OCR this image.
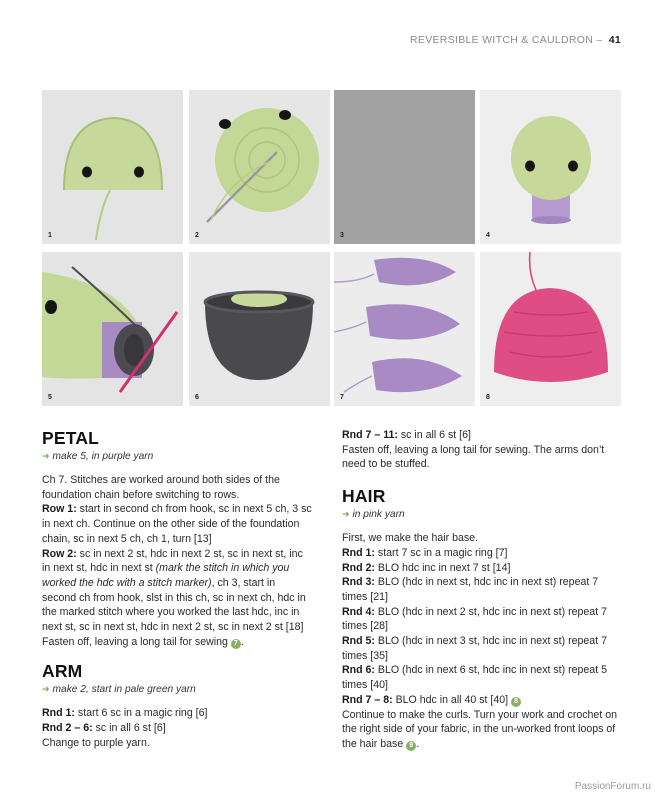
REVERSIBLE WITCH & CAULDRON – 41
1	2	3	4
5	6	7	8
PETAL
➜ make 5, in purple yarn

Ch 7. Stitches are worked around both sides of the foundation chain before switching to rows.

Row 1: start in second ch from hook, sc in next 5 ch, 3 sc in next ch. Continue on the other side of the foundation chain, sc in next 5 ch, ch 1, turn [13]

Row 2: sc in next 2 st, hdc in next 2 st, sc in next st, inc in next st, hdc in next st (mark the stitch in which you worked the hdc with a stitch marker), ch 3, start in second ch from hook, slst in this ch, sc in next ch, hdc in the marked stitch where you worked the last hdc, inc in next st, sc in next st, hdc in next 2 st, sc in next 2 st [18]

Fasten off, leaving a long tail for sewing 7 .

ARM
➜ make 2, start in pale green yarn

Rnd 1: start 6 sc in a magic ring [6]

Rnd 2 – 6: sc in all 6 st [6]

Change to purple yarn.

Rnd 7 – 11: sc in all 6 st [6]

Fasten off, leaving a long tail for sewing. The arms don’t need to be stuffed.

HAIR
➜ in pink yarn

First, we make the hair base.

Rnd 1: start 7 sc in a magic ring [7]

Rnd 2: BLO hdc inc in next 7 st [14]

Rnd 3: BLO (hdc in next st, hdc inc in next st) repeat 7 times [21]

Rnd 4: BLO (hdc in next 2 st, hdc inc in next st) repeat 7 times [28]

Rnd 5: BLO (hdc in next 3 st, hdc inc in next st) repeat 7 times [35]

Rnd 6: BLO (hdc in next 6 st, hdc inc in next st) repeat 5 times [40]

Rnd 7 – 8: BLO hdc in all 40 st [40] 8

Continue to make the curls. Turn your work and crochet on the right side of your fabric, in the un-worked front loops of the hair base 9 .

PassionForum.ru
